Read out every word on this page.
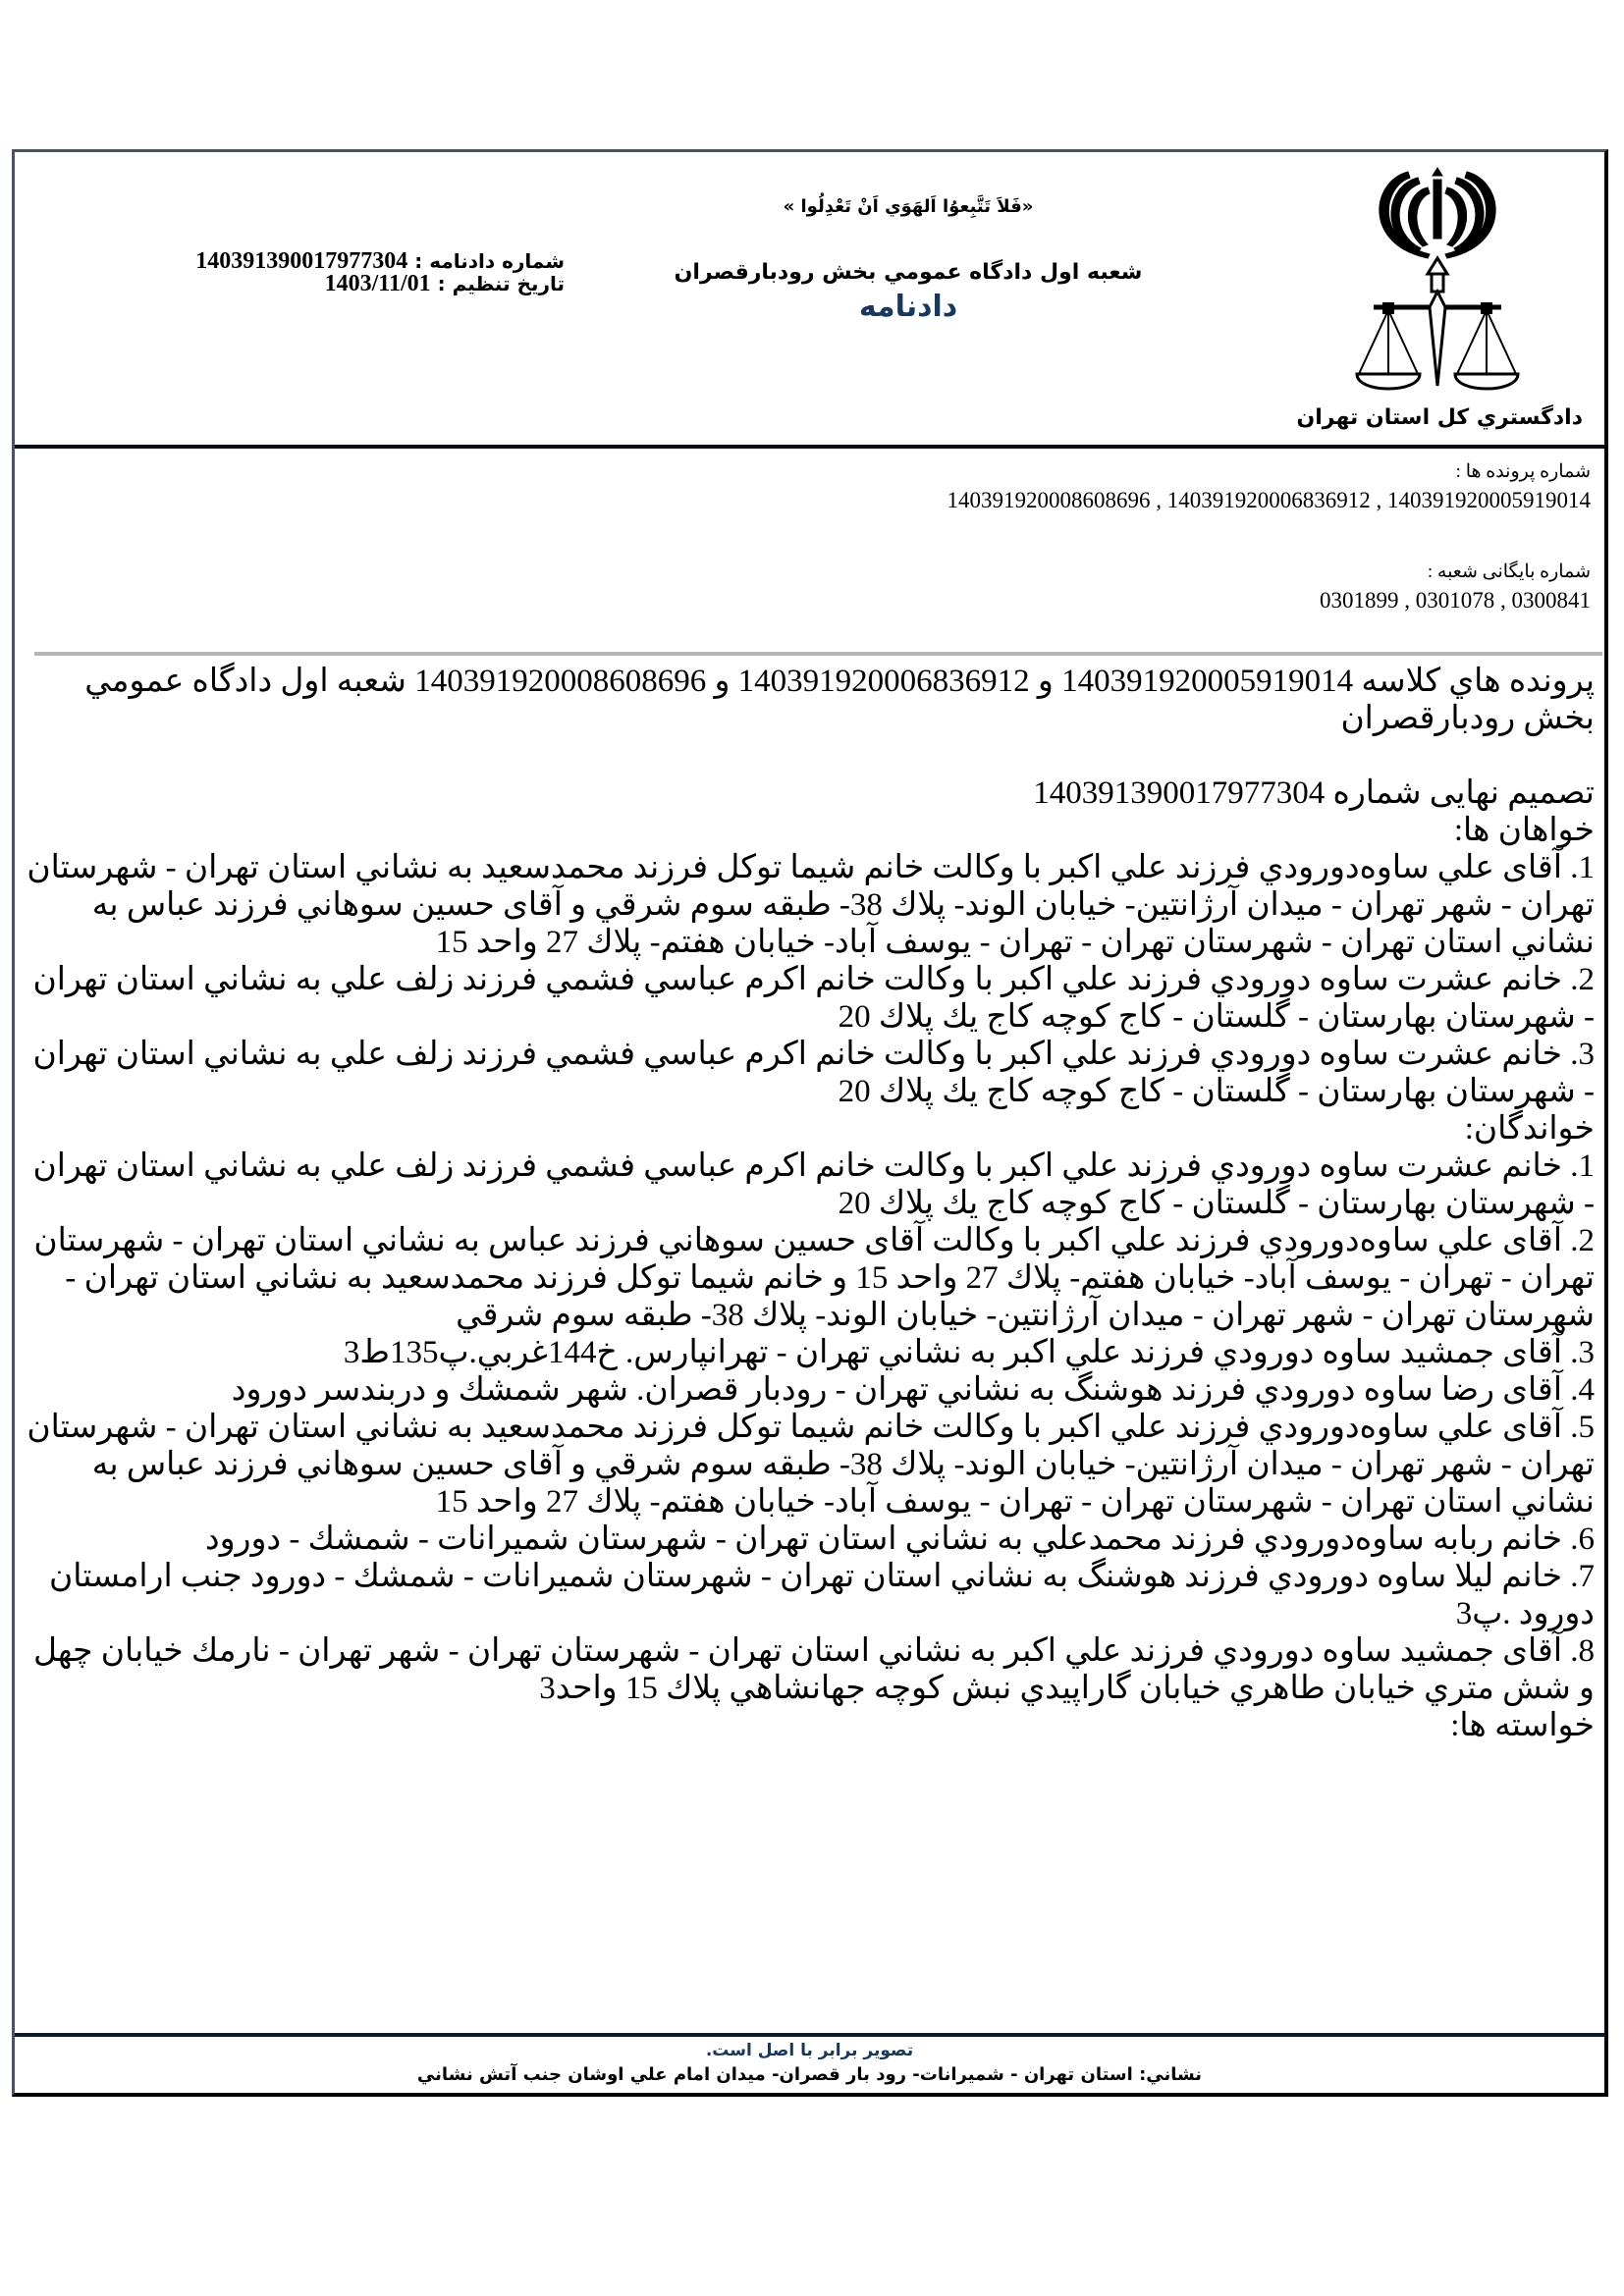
دادگستري كل استان تهران
«فَلاَ تَتَّبِعوُا اَلهَوَي اَنْ تَعْدِلُوا »
شعبه اول دادگاه عمومي بخش رودبارقصران
دادنامه
شماره دادنامه : 140391390017977304
تاريخ تنظيم : 1403/11/01
شماره پرونده ها :
140391920008608696 , 140391920006836912 , 140391920005919014
شماره بایگانی شعبه :
0301899 , 0301078 , 0300841

پرونده هاي كلاسه 140391920005919014 و 140391920006836912 و 140391920008608696 شعبه اول دادگاه عمومي بخش رودبارقصران

تصمیم نهایی شماره 140391390017977304

خواهان ها:

1. آقای علي ساوه‌دورودي فرزند علي اكبر با وكالت خانم شيما توكل فرزند محمدسعيد به نشاني استان تهران - شهرستان تهران - شهر تهران - ميدان آرژانتين- خيابان الوند- پلاك 38- طبقه سوم شرقي و آقای حسين سوهاني فرزند عباس به نشاني استان تهران - شهرستان تهران - تهران - يوسف آباد- خيابان هفتم- پلاك 27 واحد 15

2. خانم عشرت ساوه دورودي فرزند علي اكبر با وكالت خانم اكرم عباسي فشمي فرزند زلف علي به نشاني استان تهران - شهرستان بهارستان - گلستان - كاج كوچه كاج يك پلاك 20

3. خانم عشرت ساوه دورودي فرزند علي اكبر با وكالت خانم اكرم عباسي فشمي فرزند زلف علي به نشاني استان تهران - شهرستان بهارستان - گلستان - كاج كوچه كاج يك پلاك 20

خواندگان:

1. خانم عشرت ساوه دورودي فرزند علي اكبر با وكالت خانم اكرم عباسي فشمي فرزند زلف علي به نشاني استان تهران - شهرستان بهارستان - گلستان - كاج كوچه كاج يك پلاك 20

2. آقای علي ساوه‌دورودي فرزند علي اكبر با وكالت آقای حسين سوهاني فرزند عباس به نشاني استان تهران - شهرستان تهران - تهران - يوسف آباد- خيابان هفتم- پلاك 27 واحد 15 و خانم شيما توكل فرزند محمدسعيد به نشاني استان تهران - شهرستان تهران - شهر تهران - ميدان آرژانتين- خيابان الوند- پلاك 38- طبقه سوم شرقي

3. آقای جمشيد ساوه دورودي فرزند علي اكبر به نشاني تهران - تهرانپارس. خ144غربي.پ135ط3

4. آقای رضا ساوه دورودي فرزند هوشنگ به نشاني تهران - رودبار قصران. شهر شمشك و دربندسر دورود

5. آقای علي ساوه‌دورودي فرزند علي اكبر با وكالت خانم شيما توكل فرزند محمدسعيد به نشاني استان تهران - شهرستان تهران - شهر تهران - ميدان آرژانتين- خيابان الوند- پلاك 38- طبقه سوم شرقي و آقای حسين سوهاني فرزند عباس به نشاني استان تهران - شهرستان تهران - تهران - يوسف آباد- خيابان هفتم- پلاك 27 واحد 15

6. خانم ربابه ساوه‌دورودي فرزند محمدعلي به نشاني استان تهران - شهرستان شميرانات - شمشك - دورود

7. خانم ليلا ساوه دورودي فرزند هوشنگ به نشاني استان تهران - شهرستان شميرانات - شمشك - دورود جنب ارامستان دورود .پ3

8. آقای جمشيد ساوه دورودي فرزند علي اكبر به نشاني استان تهران - شهرستان تهران - شهر تهران - نارمك خيابان چهل و شش متري خيابان طاهري خيابان گاراپيدي نبش كوچه جهانشاهي پلاك 15 واحد3

خواسته ها:

تصوير برابر با اصل است.
نشاني: استان تهران - شميرانات- رود بار قصران- ميدان امام علي اوشان جنب آتش نشاني
